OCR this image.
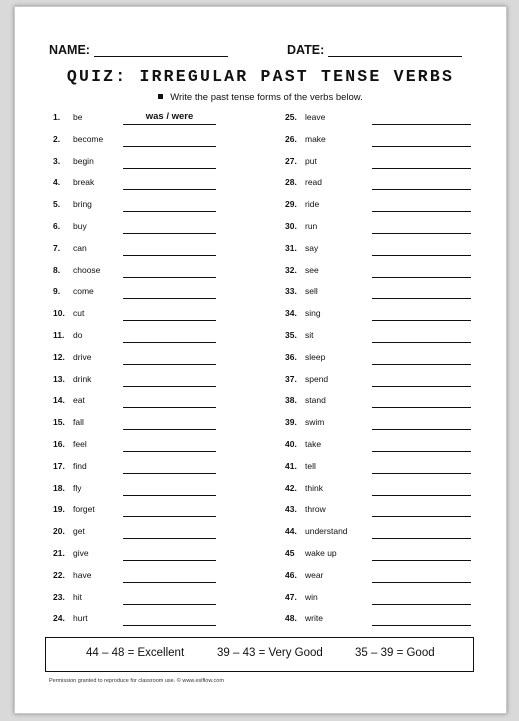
NAME:	DATE:
QUIZ: IRREGULAR PAST TENSE VERBS
Write the past tense forms of the verbs below.
1.	be	was / were
2.	become
3.	begin
4.	break
5.	bring
6.	buy
7.	can
8.	choose
9.	come
10. cut
11.	do
12. drive
13. drink
14. eat
15. fall
16. feel
17. find
18. fly
19. forget
20. get
21. give
22. have
23. hit
24. hurt
25. leave
26. make
27. put
28. read
29. ride
30. run
31. say
32. see
33. sell
34. sing
35. sit
36. sleep
37. spend
38. stand
39. swim
40. take
41. tell
42. think
43. throw
44. understand
45	wake up
46. wear
47. win
48. write
44 – 48 = Excellent	39 – 43 = Very Good	35 – 39 = Good
Permission granted to reproduce for classroom use. © www.eslflow.com
